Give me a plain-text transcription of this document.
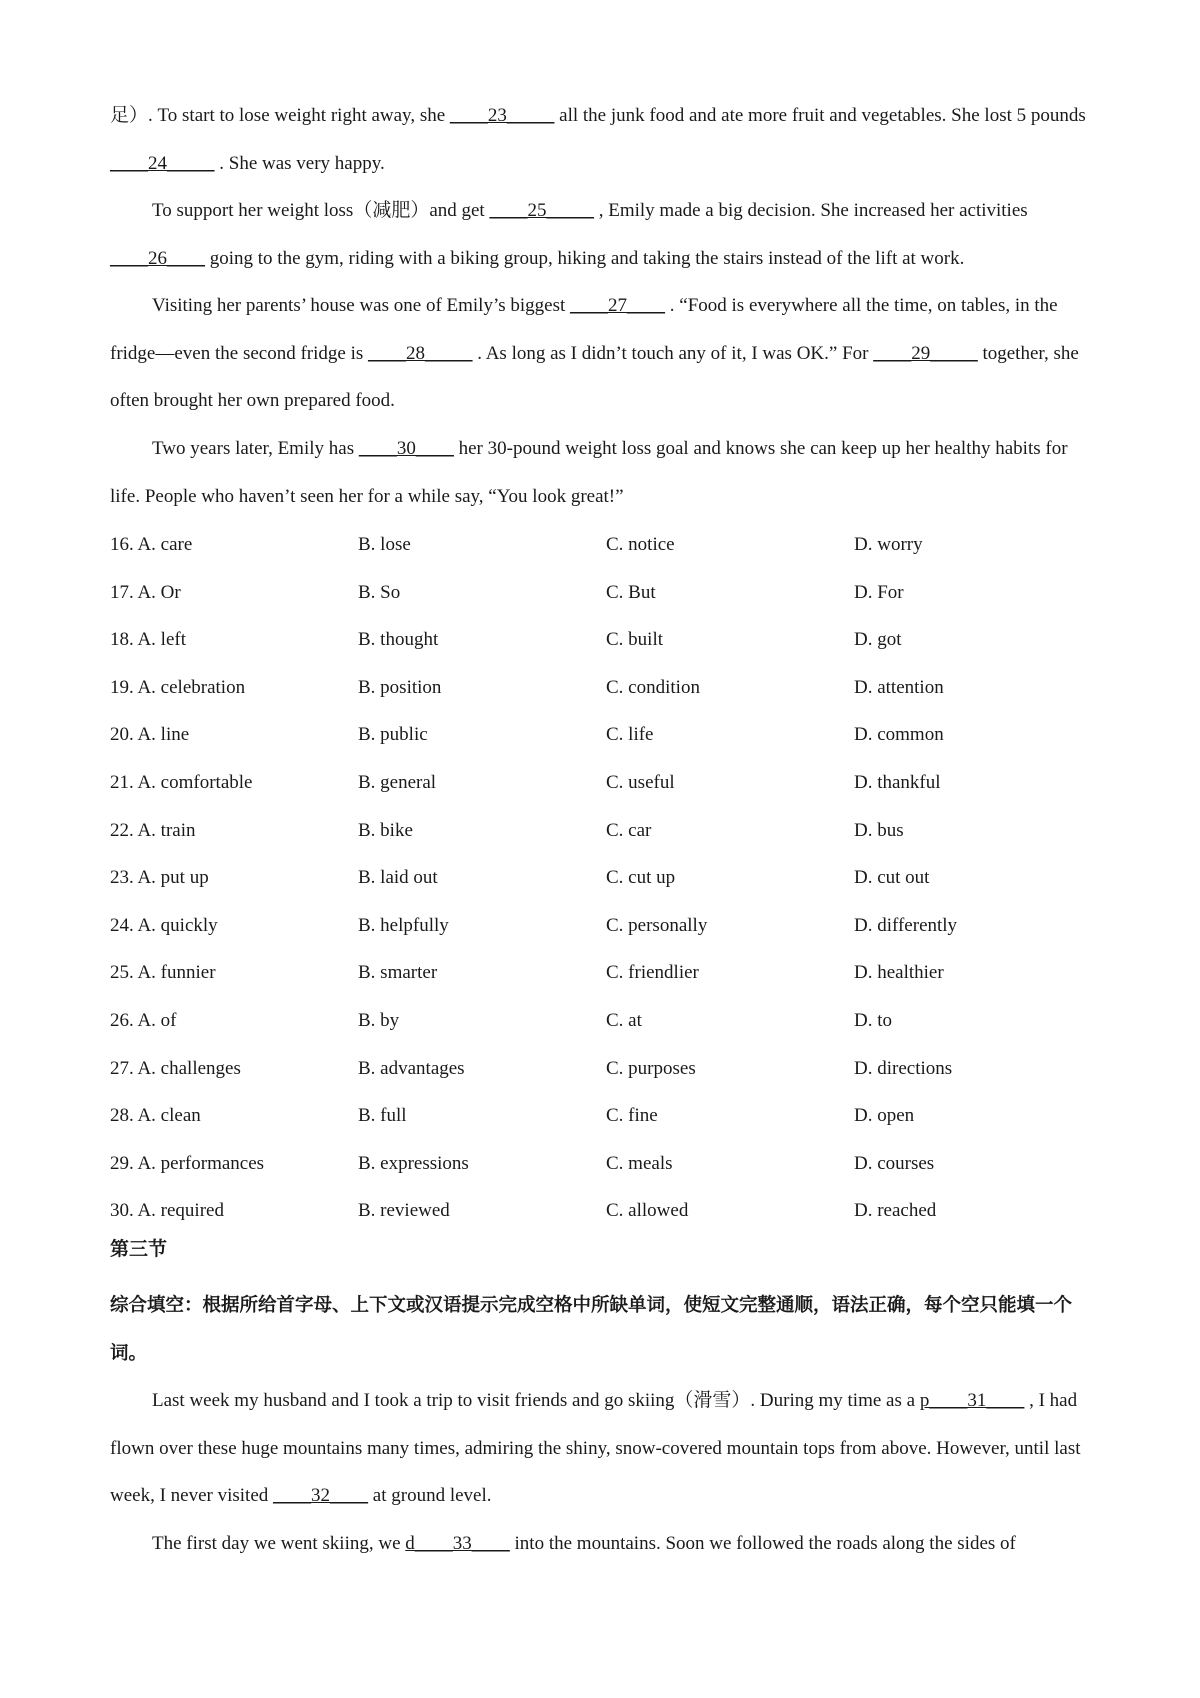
足）. To start to lose weight right away, she ____23_____ all the junk food and ate more fruit and vegetables. She lost 5 pounds ____24_____ . She was very happy.

To support her weight loss（减肥）and get ____25_____ , Emily made a big decision. She increased her activities ____26____ going to the gym, riding with a biking group, hiking and taking the stairs instead of the lift at work.

Visiting her parents’ house was one of Emily’s biggest ____27____ . “Food is everywhere all the time, on tables, in the fridge—even the second fridge is ____28_____ . As long as I didn’t touch any of it, I was OK.” For ____29_____ together, she often brought her own prepared food.

Two years later, Emily has ____30____ her 30-pound weight loss goal and knows she can keep up her healthy habits for life. People who haven’t seen her for a while say, “You look great!”

16. A. care	B. lose	C. notice	D. worry
17. A. Or	B. So	C. But	D. For
18. A. left	B. thought	C. built	D. got
19. A. celebration	B. position	C. condition	D. attention
20. A. line	B. public	C. life	D. common
21. A. comfortable	B. general	C. useful	D. thankful
22. A. train	B. bike	C. car	D. bus
23. A. put up	B. laid out	C. cut up	D. cut out
24. A. quickly	B. helpfully	C. personally	D. differently
25. A. funnier	B. smarter	C. friendlier	D. healthier
26. A. of	B. by	C. at	D. to
27. A. challenges	B. advantages	C. purposes	D. directions
28. A. clean	B. full	C. fine	D. open
29. A. performances	B. expressions	C. meals	D. courses
30. A. required	B. reviewed	C. allowed	D. reached
第三节

综合填空：根据所给首字母、上下文或汉语提示完成空格中所缺单词，使短文完整通顺，语法正确，每个空只能填一个词。

Last week my husband and I took a trip to visit friends and go skiing（滑雪）. During my time as a p____31____ , I had flown over these huge mountains many times, admiring the shiny, snow-covered mountain tops from above. However, until last week, I never visited ____32____ at ground level.

The first day we went skiing, we d____33____ into the mountains. Soon we followed the roads along the sides of
